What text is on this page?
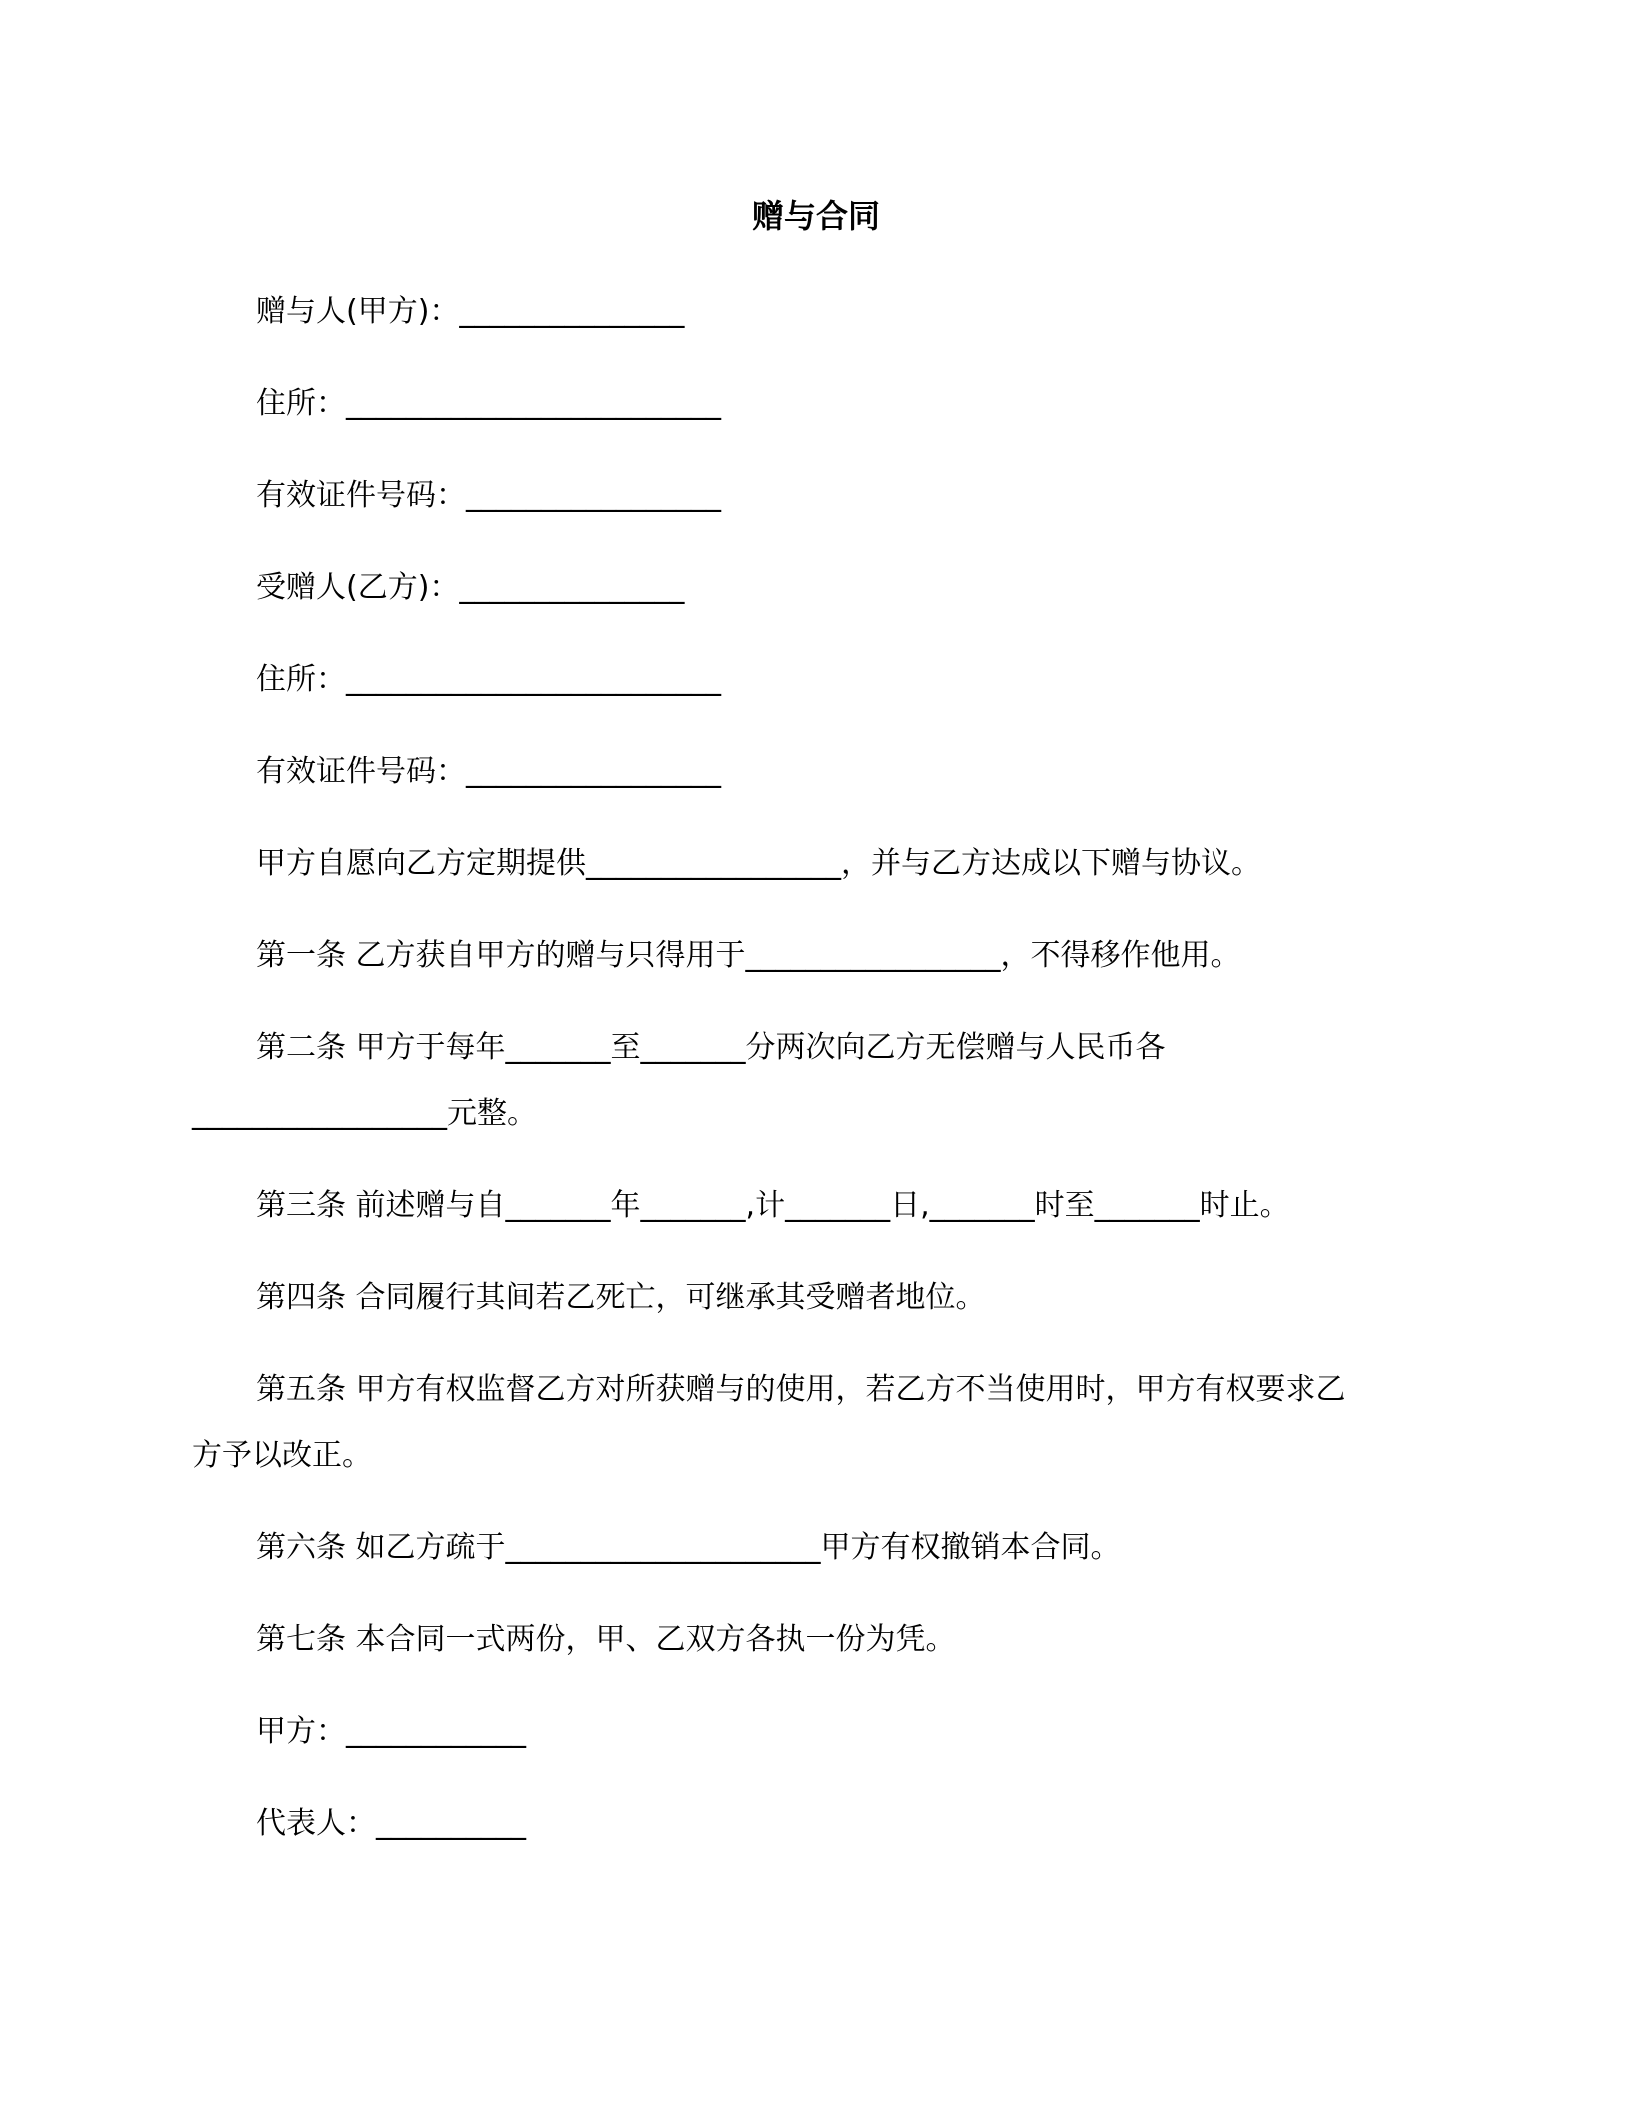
赠与合同
赠与人(甲方)：_______________
住所：_________________________
有效证件号码：_________________
受赠人(乙方)：_______________
住所：_________________________
有效证件号码：_________________
甲方自愿向乙方定期提供_________________，并与乙方达成以下赠与协议。
第一条 乙方获自甲方的赠与只得用于_________________，不得移作他用。
第二条 甲方于每年_______至_______分两次向乙方无偿赠与人民币各
_________________元整。
第三条 前述赠与自_______年_______,计_______日,_______时至_______时止。
第四条 合同履行其间若乙死亡，可继承其受赠者地位。
第五条 甲方有权监督乙方对所获赠与的使用，若乙方不当使用时，甲方有权要求乙
方予以改正。
第六条 如乙方疏于_____________________甲方有权撤销本合同。
第七条 本合同一式两份，甲、乙双方各执一份为凭。
甲方：____________
代表人：__________
